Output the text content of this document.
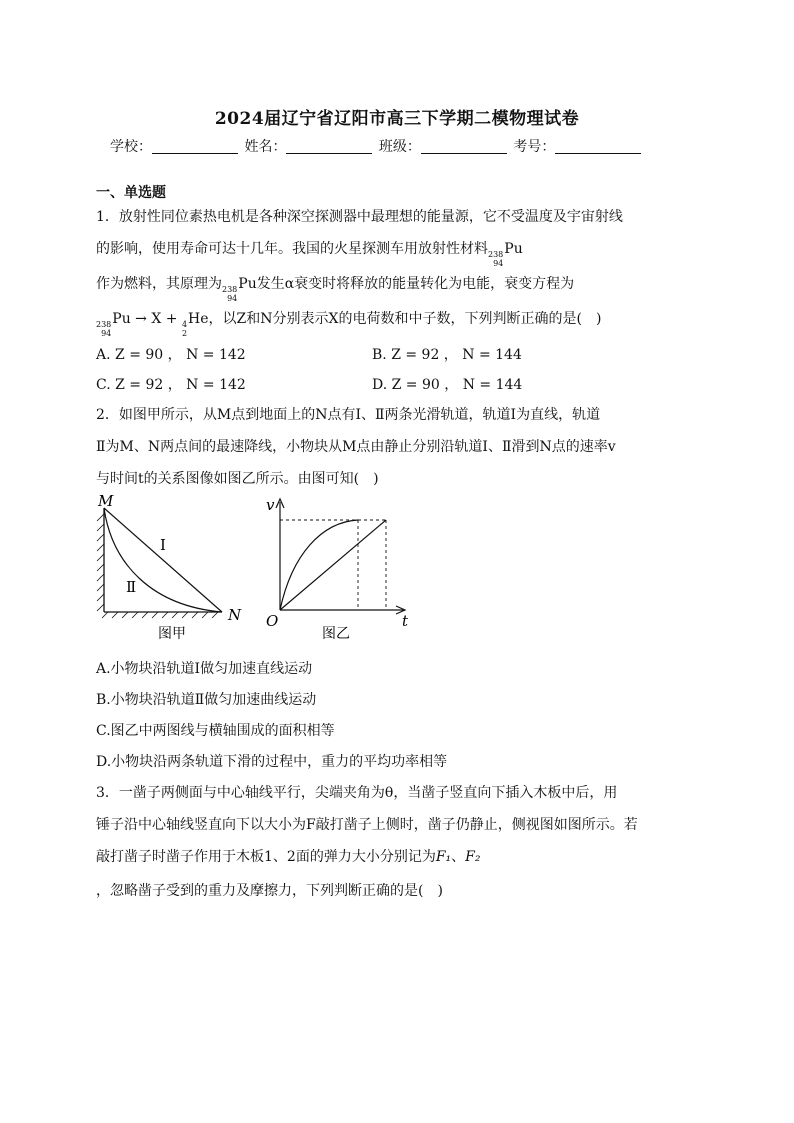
2024届辽宁省辽阳市高三下学期二模物理试卷
学校：	姓名：	班级：	考号：
一、单选题
1．放射性同位素热电机是各种深空探测器中最理想的能量源，它不受温度及宇宙射线
的影响，使用寿命可达十几年。我国的火星探测车用放射性材料 238
94
Pu
作为燃料，其原理为 238
94
Pu发生α衰变时将释放的能量转化为电能，衰变方程为
238
94
Pu → X + 4
2
He，以Z和N分别表示X的电荷数和中子数，下列判断正确的是(　)
A. Z = 90 ， N = 142	B. Z = 92 ， N = 144
C. Z = 92 ， N = 142	D. Z = 90 ， N = 144
2．如图甲所示，从M点到地面上的N点有Ⅰ、Ⅱ两条光滑轨道，轨道Ⅰ为直线，轨道
Ⅱ为M、N两点间的最速降线，小物块从M点由静止分别沿轨道Ⅰ、Ⅱ滑到N点的速率v
与时间t的关系图像如图乙所示。由图可知(　)
M
N
Ⅰ
Ⅱ
图甲
v
O	t
图乙
A.小物块沿轨道Ⅰ做匀加速直线运动
B.小物块沿轨道Ⅱ做匀加速曲线运动
C.图乙中两图线与横轴围成的面积相等
D.小物块沿两条轨道下滑的过程中，重力的平均功率相等
3．一凿子两侧面与中心轴线平行，尖端夹角为θ，当凿子竖直向下插入木板中后，用
锤子沿中心轴线竖直向下以大小为F敲打凿子上侧时，凿子仍静止，侧视图如图所示。若
敲打凿子时凿子作用于木板1、2面的弹力大小分别记为F₁、F₂
，忽略凿子受到的重力及摩擦力，下列判断正确的是(　)
